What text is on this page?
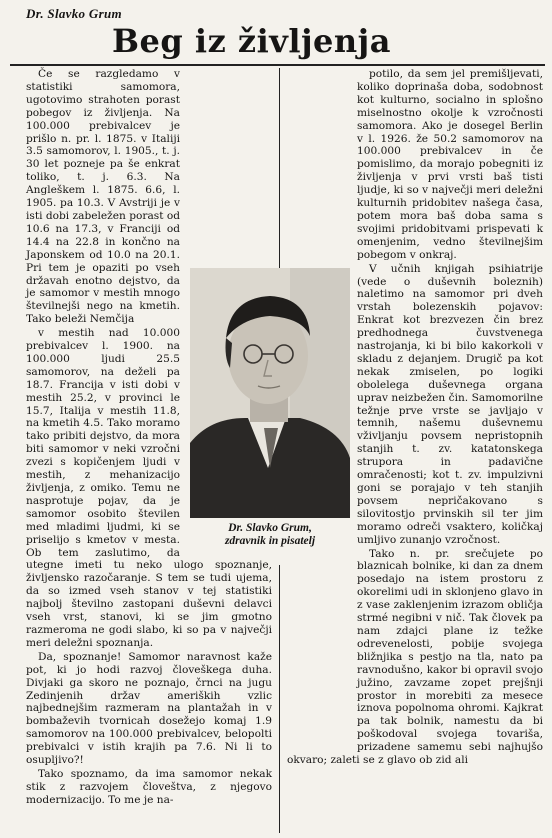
Dr. Slavko Grum
Beg iz življenja

Če se razgledamo v statistiki samomora, ugotovimo strahoten porast pobegov iz življenja. Na 100.000 prebivalcev je prišlo n. pr. l. 1875. v Italiji 3.5 samomorov, l. 1905., t. j. 30 let pozneje pa še enkrat toliko, t. j. 6.3. Na Angleškem l. 1875. 6.6, l. 1905. pa 10.3. V Avstriji je v isti dobi zabeležen porast od 10.6 na 17.3, v Franciji od 14.4 na 22.8 in končno na Japonskem od 10.0 na 20.1. Pri tem je opaziti po vseh državah enotno dejstvo, da je samomor v mestih mnogo številnejši nego na kmetih. Tako beleži Nemčija

v mestih nad 10.000 prebivalcev l. 1900. na 100.000 ljudi 25.5 samomorov, na deželi pa 18.7. Francija v isti dobi v mestih 25.2, v provinci le 15.7, Italija v mestih 11.8, na kmetih 4.5. Tako moramo tako pribiti dejstvo, da mora biti samomor v neki vzročni zvezi s kopičenjem ljudi v mestih, z mehanizacijo življenja, z omiko. Temu ne nasprotuje pojav, da je samomor osobito številen med mladimi ljudmi, ki se priselijo s kmetov v mesta. Ob tem zaslutimo, da utegne imeti tu neko ulogo spoznanje, življensko razočaranje. S tem se tudi ujema, da so izmed vseh stanov v tej statistiki najbolj številno zastopani duševni delavci vseh vrst, stanovi, ki se jim gmotno razmeroma ne godi slabo, ki so pa v največji meri deležni spoznanja.

Da, spoznanje! Samomor naravnost kaže pot, ki jo hodi razvoj človeškega duha. Divjaki ga skoro ne poznajo, črnci na jugu Zedinjenih držav ameriških vzlic najbednejšim razmeram na plantažah in v bombaževih tvornicah dosežejo komaj 1.9 samomorov na 100.000 prebivalcev, belopolti prebivalci v istih krajih pa 7.6. Ni li to osupljivo?!

Tako spoznamo, da ima samomor nekak stik z razvojem človeštva, z njegovo modernizacijo. To me je na-

potilo, da sem jel premišljevati, koliko doprinaša doba, sodobnost kot kulturno, socialno in splošno miselnostno okolje k vzročnosti samomora. Ako je dosegel Berlin v l. 1926. že 50.2 samomorov na 100.000 prebivalcev in če pomislimo, da morajo pobegniti iz življenja v prvi vrsti baš tisti ljudje, ki so v največji meri deležni kulturnih pridobitev našega časa, potem mora baš doba sama s svojimi pridobitvami prispevati k omenjenim, vedno številnejšim pobegom v onkraj.

V učnih knjigah psihiatrije (vede o duševnih boleznih) naletimo na samomor pri dveh vrstah bolezenskih pojavov: Enkrat kot brezvezen čin brez predhodnega čuvstvenega nastrojanja, ki bi bilo kakorkoli v skladu z dejanjem. Drugič pa kot nekak zmiselen, po logiki obolelega duševnega organa uprav neizbežen čin. Samomorilne težnje prve vrste se javljajo v temnih, našemu duševnemu vživljanju povsem nepristopnih stanjih t. zv. katatonskega strupora in padavične omračenosti; kot t. zv. impulzivni goni se porajajo v teh stanjih povsem nepričakovano s silovitostjo prvinskih sil ter jim moramo odreči vsaktero, količkaj umljivo zunanjo vzročnost.

Tako n. pr. srečujete po blaznicah bolnike, ki dan za dnem posedajo na istem prostoru z okorelimi udi in sklonjeno glavo in z vase zaklenjenim izrazom obličja strmé negibni v nič. Tak človek pa nam zdajci plane iz težke odrevenelosti, pobije svojega bližnjika s pestjo na tla, nato pa ravnodušno, kakor bi opravil svojo južino, zavzame zopet prejšnji prostor in morebiti za mesece iznova popolnoma ohromi. Kajkrat pa tak bolnik, namestu da bi poškodoval svojega tovariša, prizadene samemu sebi najhujšo okvaro; zaleti se z glavo ob zid ali

Dr. Slavko Grum,
zdravnik in pisatelj
